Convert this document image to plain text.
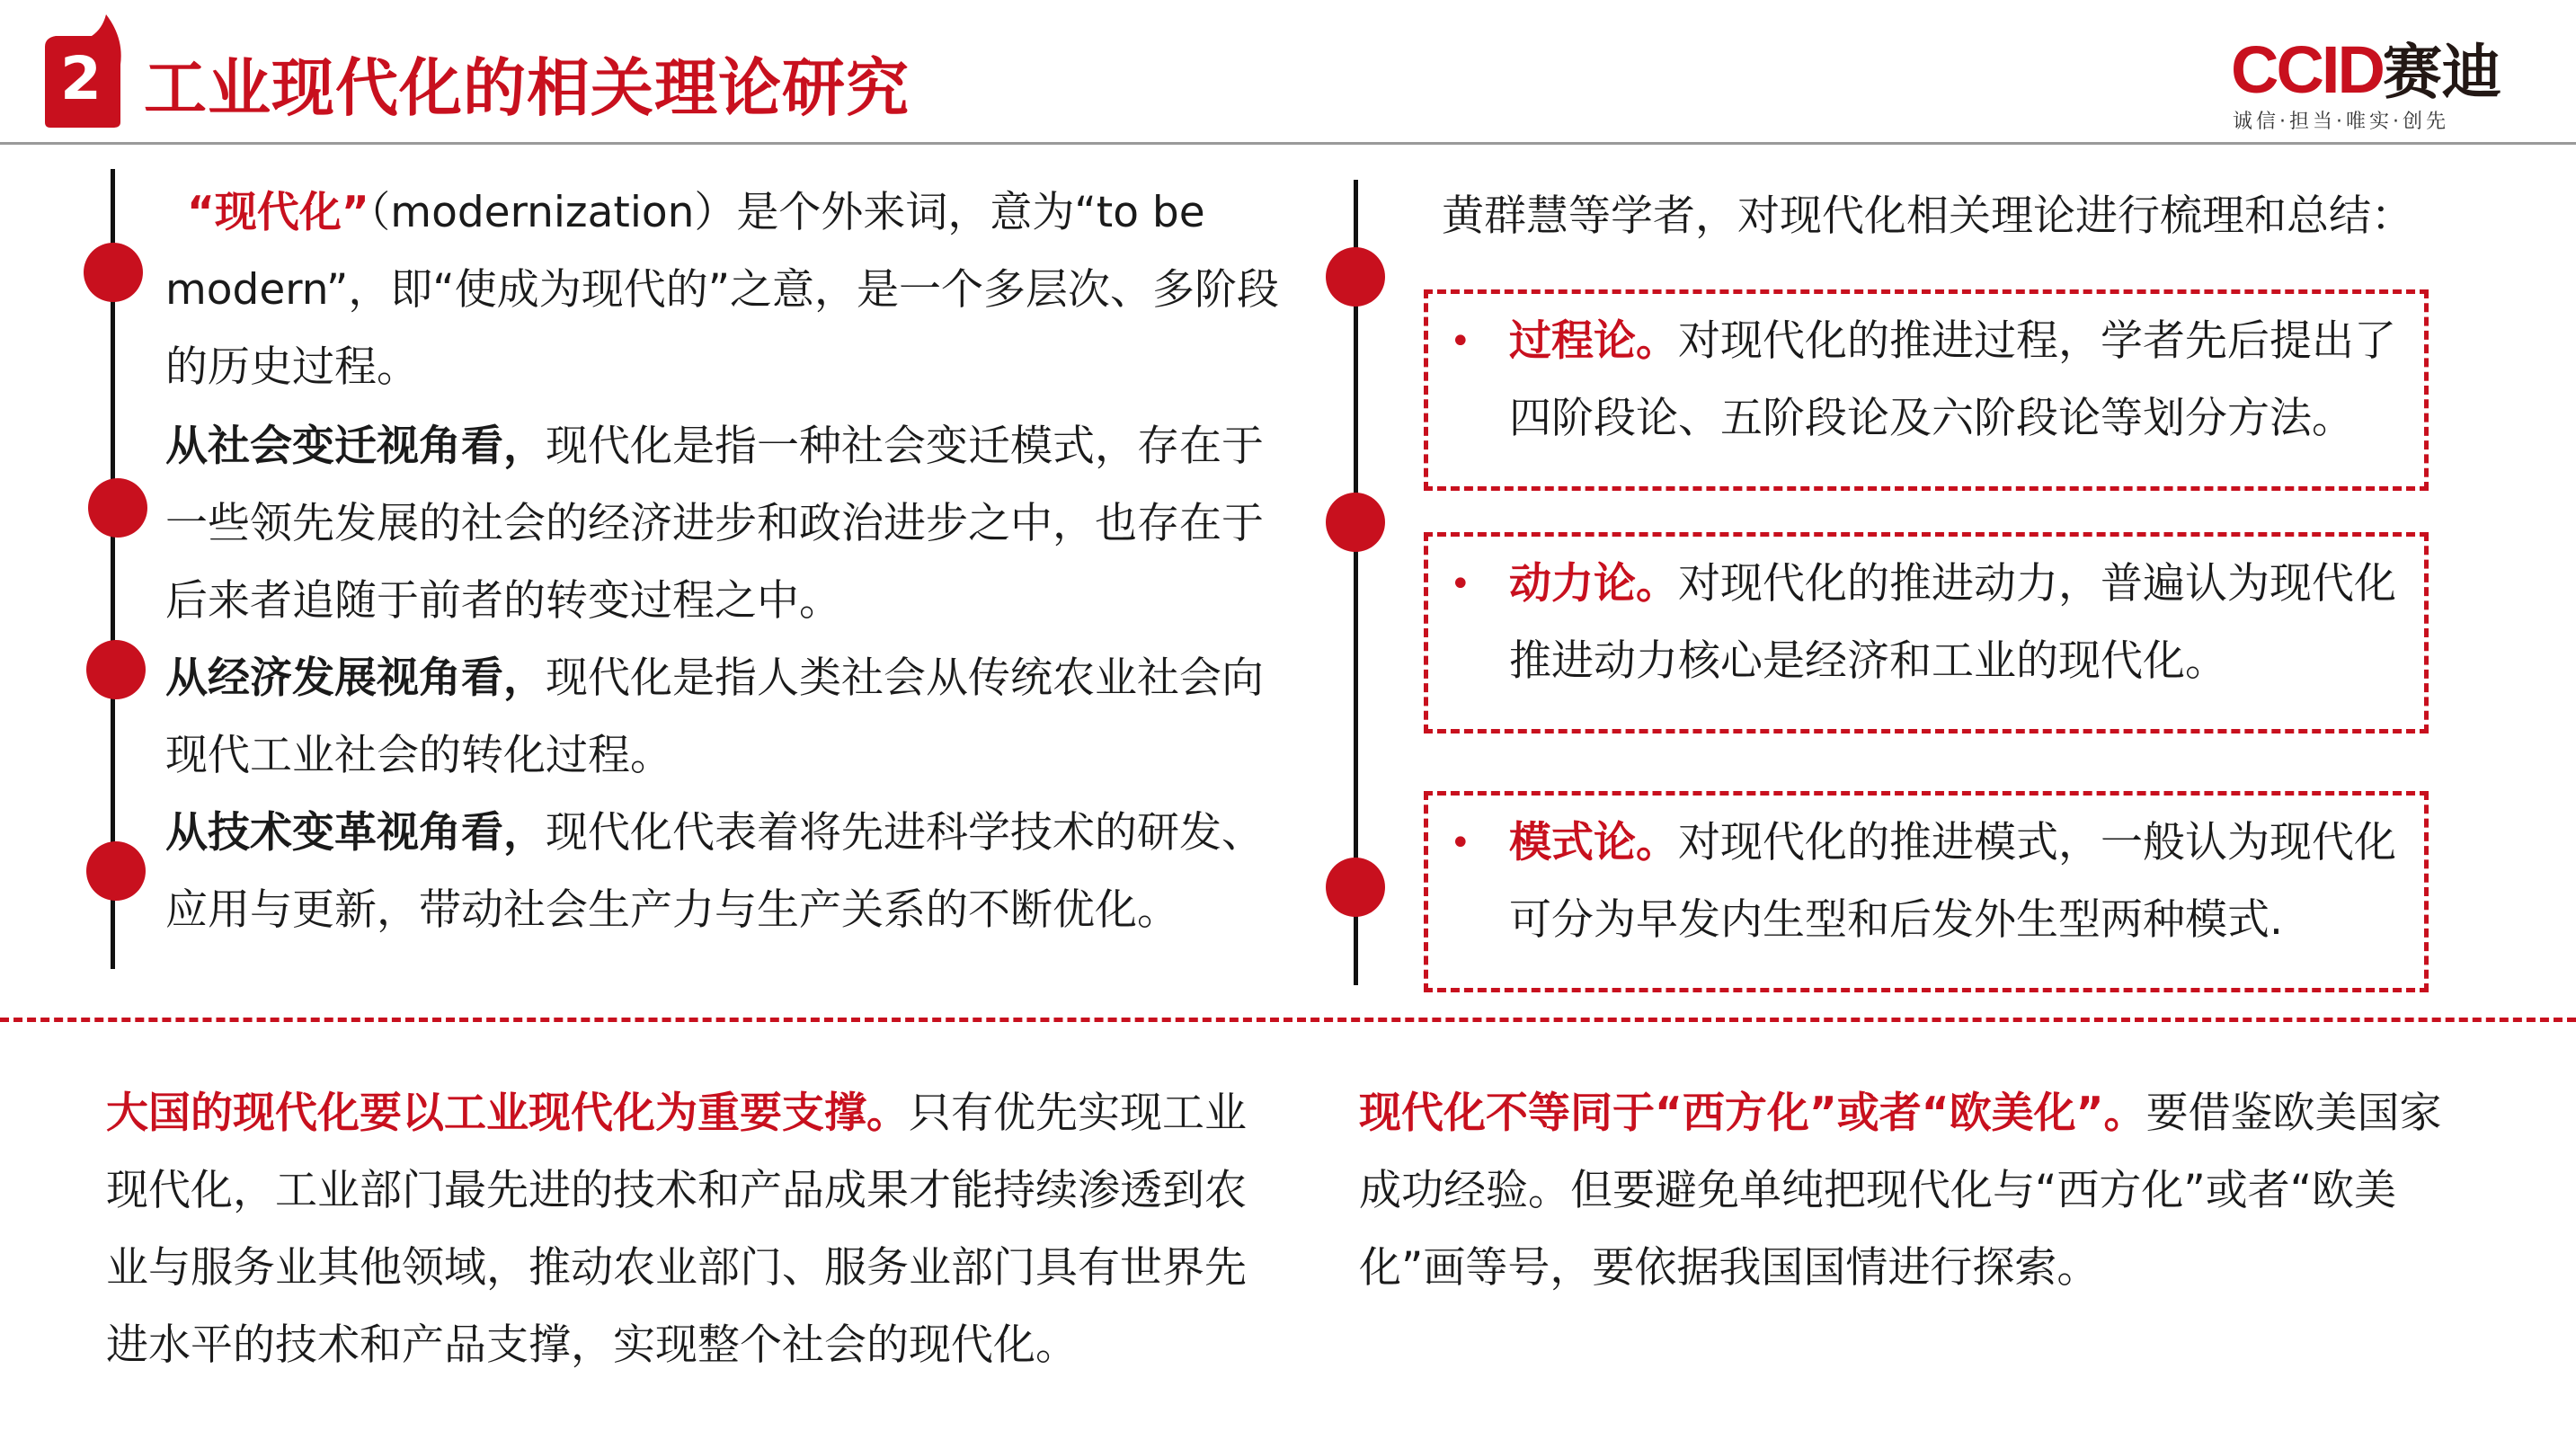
2 工业现代化的相关理论研究	CCID赛迪
诚信·担当·唯实·创先
“现代化”（modernization）是个外来词，意为“to be modern”，即“使成为现代的”之意，是一个多层次、多阶段的历史过程。
从社会变迁视角看，现代化是指一种社会变迁模式，存在于一些领先发展的社会的经济进步和政治进步之中，也存在于后来者追随于前者的转变过程之中。
从经济发展视角看，现代化是指人类社会从传统农业社会向现代工业社会的转化过程。
从技术变革视角看，现代化代表着将先进科学技术的研发、应用与更新，带动社会生产力与生产关系的不断优化。
黄群慧等学者，对现代化相关理论进行梳理和总结：
• 过程论。对现代化的推进过程，学者先后提出了四阶段论、五阶段论及六阶段论等划分方法。
• 动力论。对现代化的推进动力，普遍认为现代化推进动力核心是经济和工业的现代化。
• 模式论。对现代化的推进模式，一般认为现代化可分为早发内生型和后发外生型两种模式.
大国的现代化要以工业现代化为重要支撑。只有优先实现工业现代化，工业部门最先进的技术和产品成果才能持续渗透到农业与服务业其他领域，推动农业部门、服务业部门具有世界先进水平的技术和产品支撑，实现整个社会的现代化。
现代化不等同于“西方化”或者“欧美化”。要借鉴欧美国家成功经验。但要避免单纯把现代化与“西方化”或者“欧美化”画等号，要依据我国国情进行探索。
